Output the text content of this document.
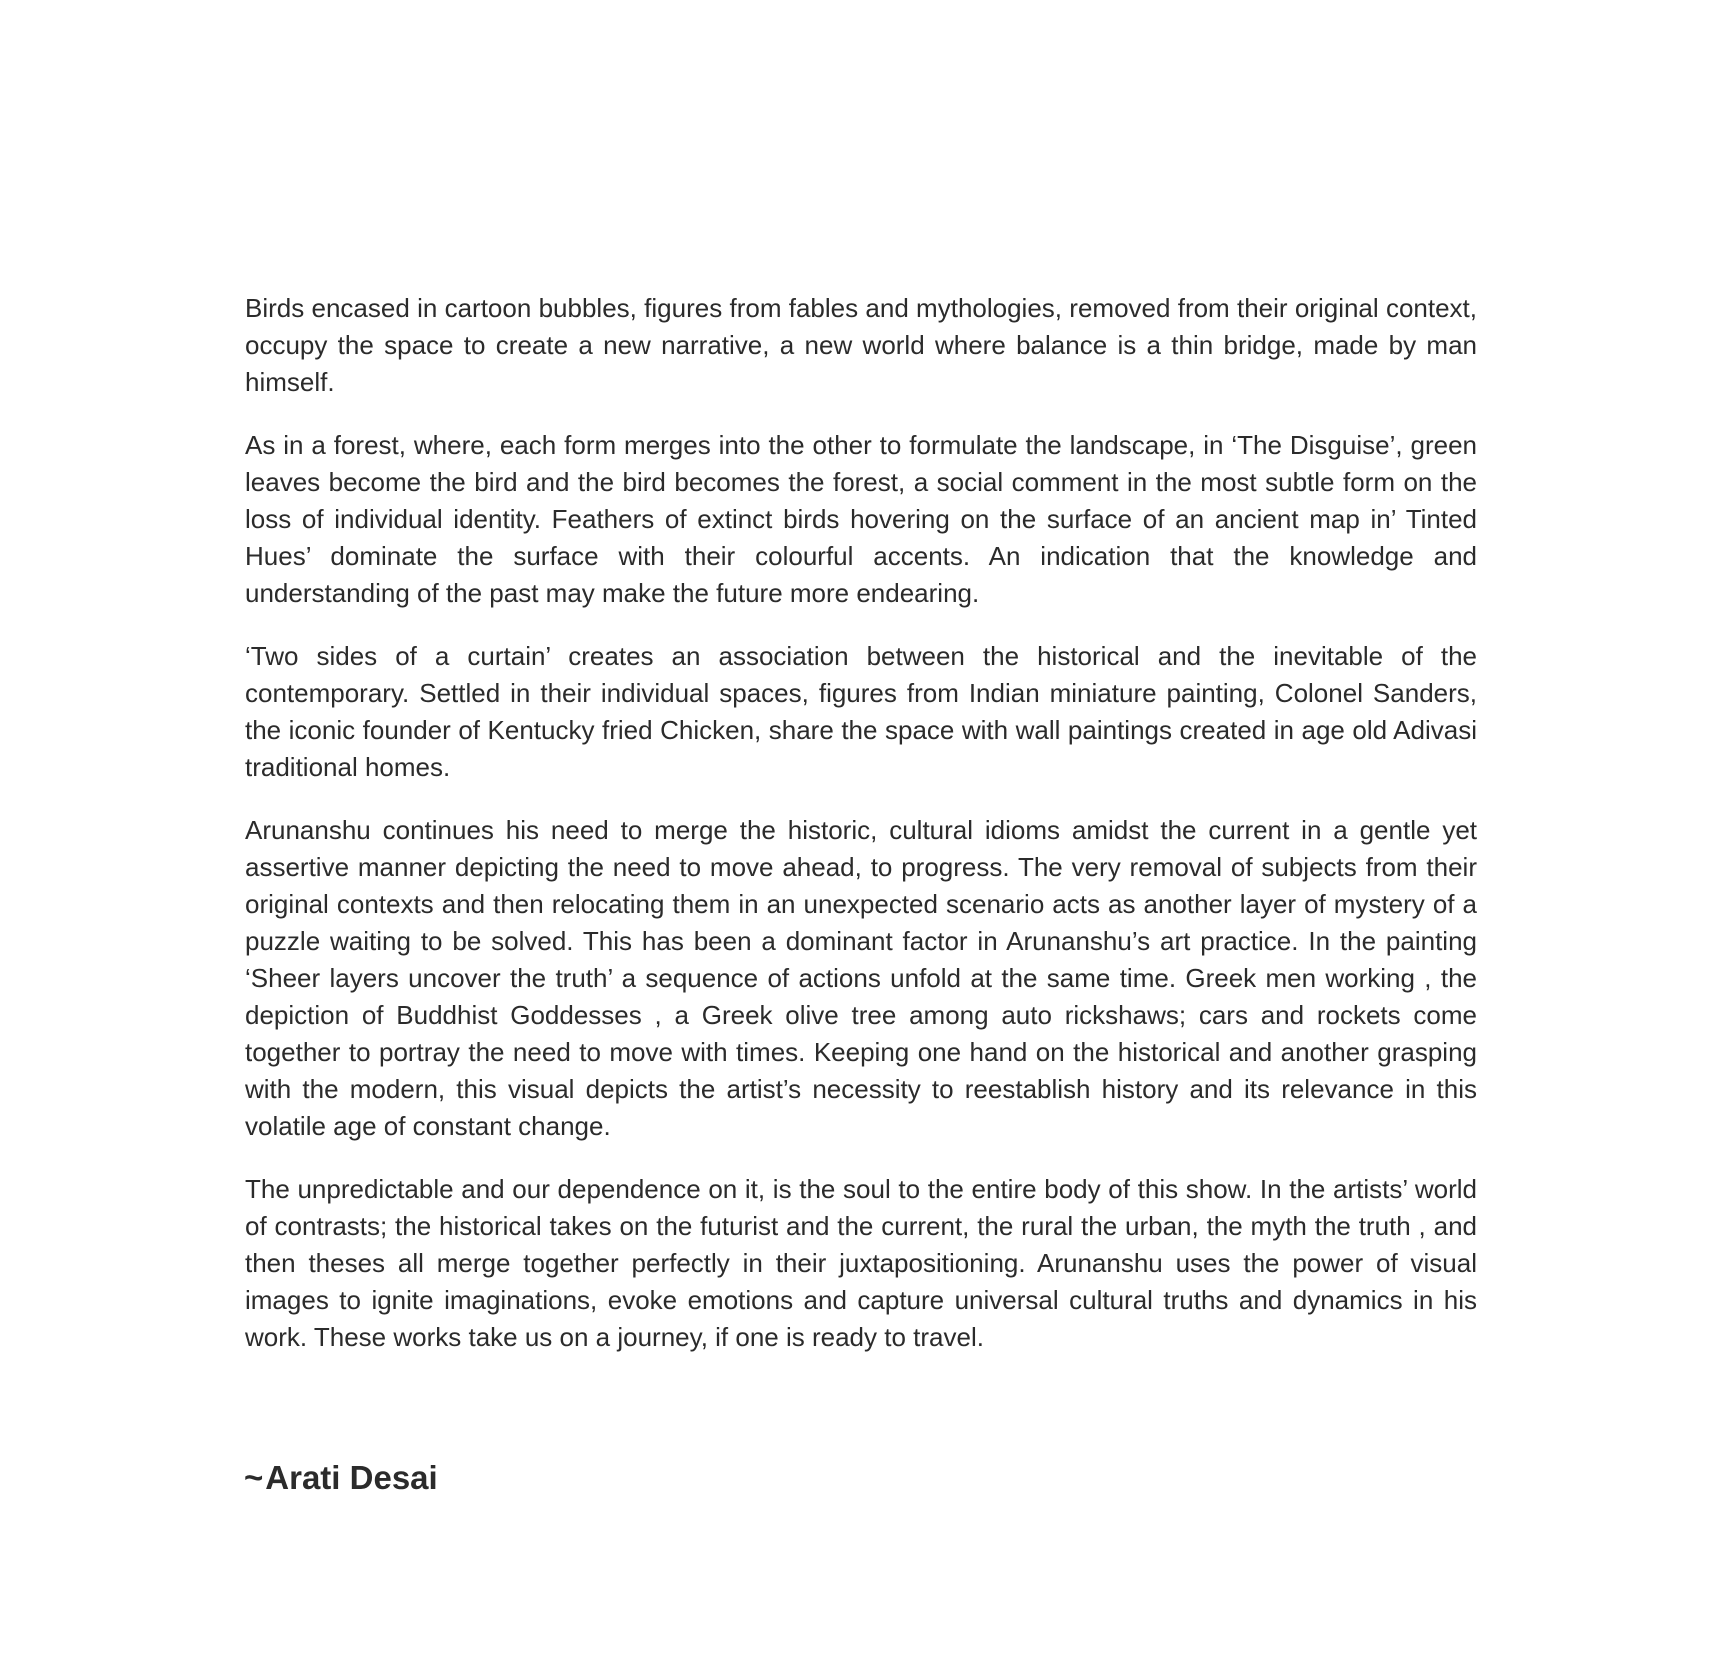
Birds encased in cartoon bubbles, figures from fables and mythologies, removed from their original context, occupy the space to create a new narrative, a new world where balance is a thin bridge, made by man himself.

As in a forest, where, each form merges into the other to formulate the landscape, in ‘The Disguise’, green leaves become the bird and the bird becomes the forest, a social comment in the most subtle form on the loss of individual identity. Feathers of extinct birds hovering on the surface of an ancient map in’ Tinted Hues’ dominate the surface with their colourful accents. An indication that the knowledge and understanding of the past may make the future more endearing.

‘Two sides of a curtain’ creates an association between the historical and the inevitable of the contemporary. Settled in their individual spaces, figures from Indian miniature painting, Colonel Sanders, the iconic founder of Kentucky fried Chicken, share the space with wall paintings created in age old Adivasi traditional homes.

Arunanshu continues his need to merge the historic, cultural idioms amidst the current in a gentle yet assertive manner depicting the need to move ahead, to progress. The very removal of subjects from their original contexts and then relocating them in an unexpected scenario acts as another layer of mystery of a puzzle waiting to be solved. This has been a dominant factor in Arunanshu’s art practice. In the painting ‘Sheer layers uncover the truth’ a sequence of actions unfold at the same time. Greek men working , the depiction of Buddhist Goddesses , a Greek olive tree among auto rickshaws; cars and rockets come together to portray the need to move with times. Keeping one hand on the historical and another grasping with the modern, this visual depicts the artist’s necessity to reestablish history and its relevance in this volatile age of constant change.

The unpredictable and our dependence on it, is the soul to the entire body of this show. In the artists’ world of contrasts; the historical takes on the futurist and the current, the rural the urban, the myth the truth , and then theses all merge together perfectly in their juxtapositioning. Arunanshu uses the power of visual images to ignite imaginations, evoke emotions and capture universal cultural truths and dynamics in his work. These works take us on a journey, if one is ready to travel.

~Arati Desai
